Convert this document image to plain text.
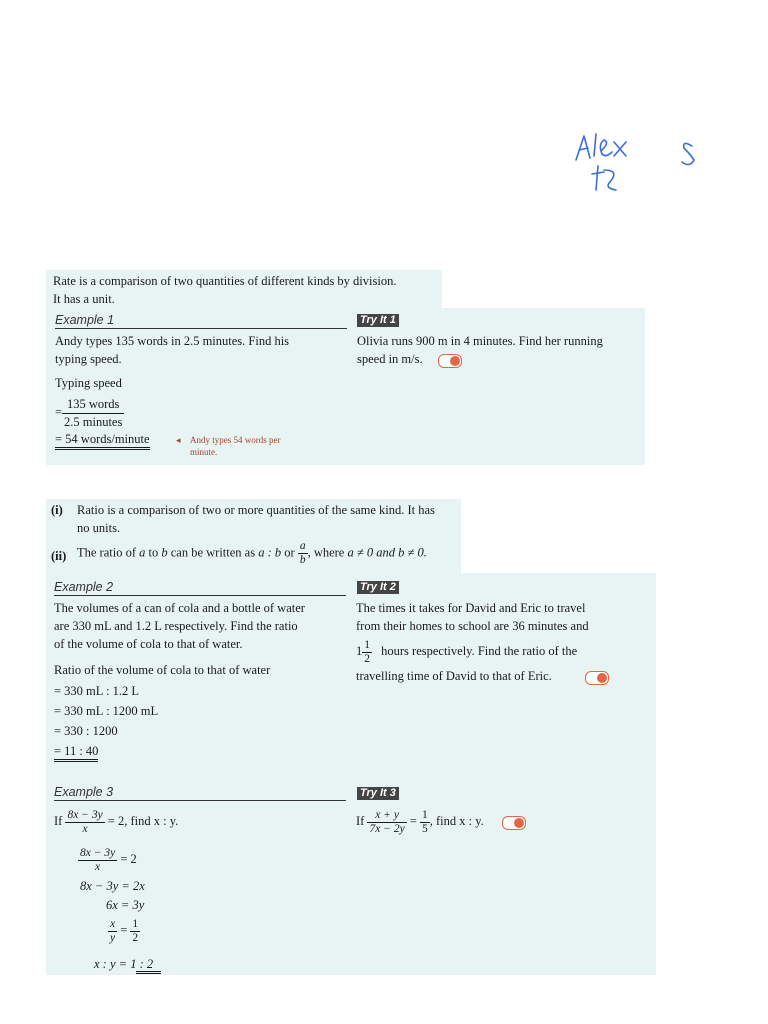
Rate is a comparison of two quantities of different kinds by division.
It has a unit.
Example 1	Try It 1
Andy types 135 words in 2.5 minutes. Find his
typing speed.
Typing speed
= $\frac{\text{135 words}}{\text{2.5 minutes}}$
= 54 words/minute	◂ Andy types 54 words per
minute.
Olivia runs 900 m in 4 minutes. Find her running
speed in m/s.
(i) Ratio is a comparison of two or more quantities of the same kind. It has
no units.
(ii) The ratio of a to b can be written as a : b or $\frac{a}{b}$ , where a ≠ 0 and b ≠ 0.
Example 2	Try It 2
The volumes of a can of cola and a bottle of water
are 330 mL and 1.2 L respectively. Find the ratio
of the volume of cola to that of water.
Ratio of the volume of cola to that of water
= 330 mL : 1.2 L
= 330 mL : 1200 mL
= 330 : 1200
= 11 : 40
The times it takes for David and Eric to travel
from their homes to school are 36 minutes and
$1 \frac{1}{2}$ hours respectively. Find the ratio of the
travelling time of David to that of Eric.
Example 3	Try It 3
If $\frac{8x - 3y}{x} = 2$, find x : y.
$\frac{8x - 3y}{x} = 2$
8x − 3y = 2x
6x = 3y
$\frac{x}{y} = \frac{1}{2}$
x : y = 1 : 2
If $\frac{x + y}{7x - 2y} = \frac{1}{5}$ , find x : y.
